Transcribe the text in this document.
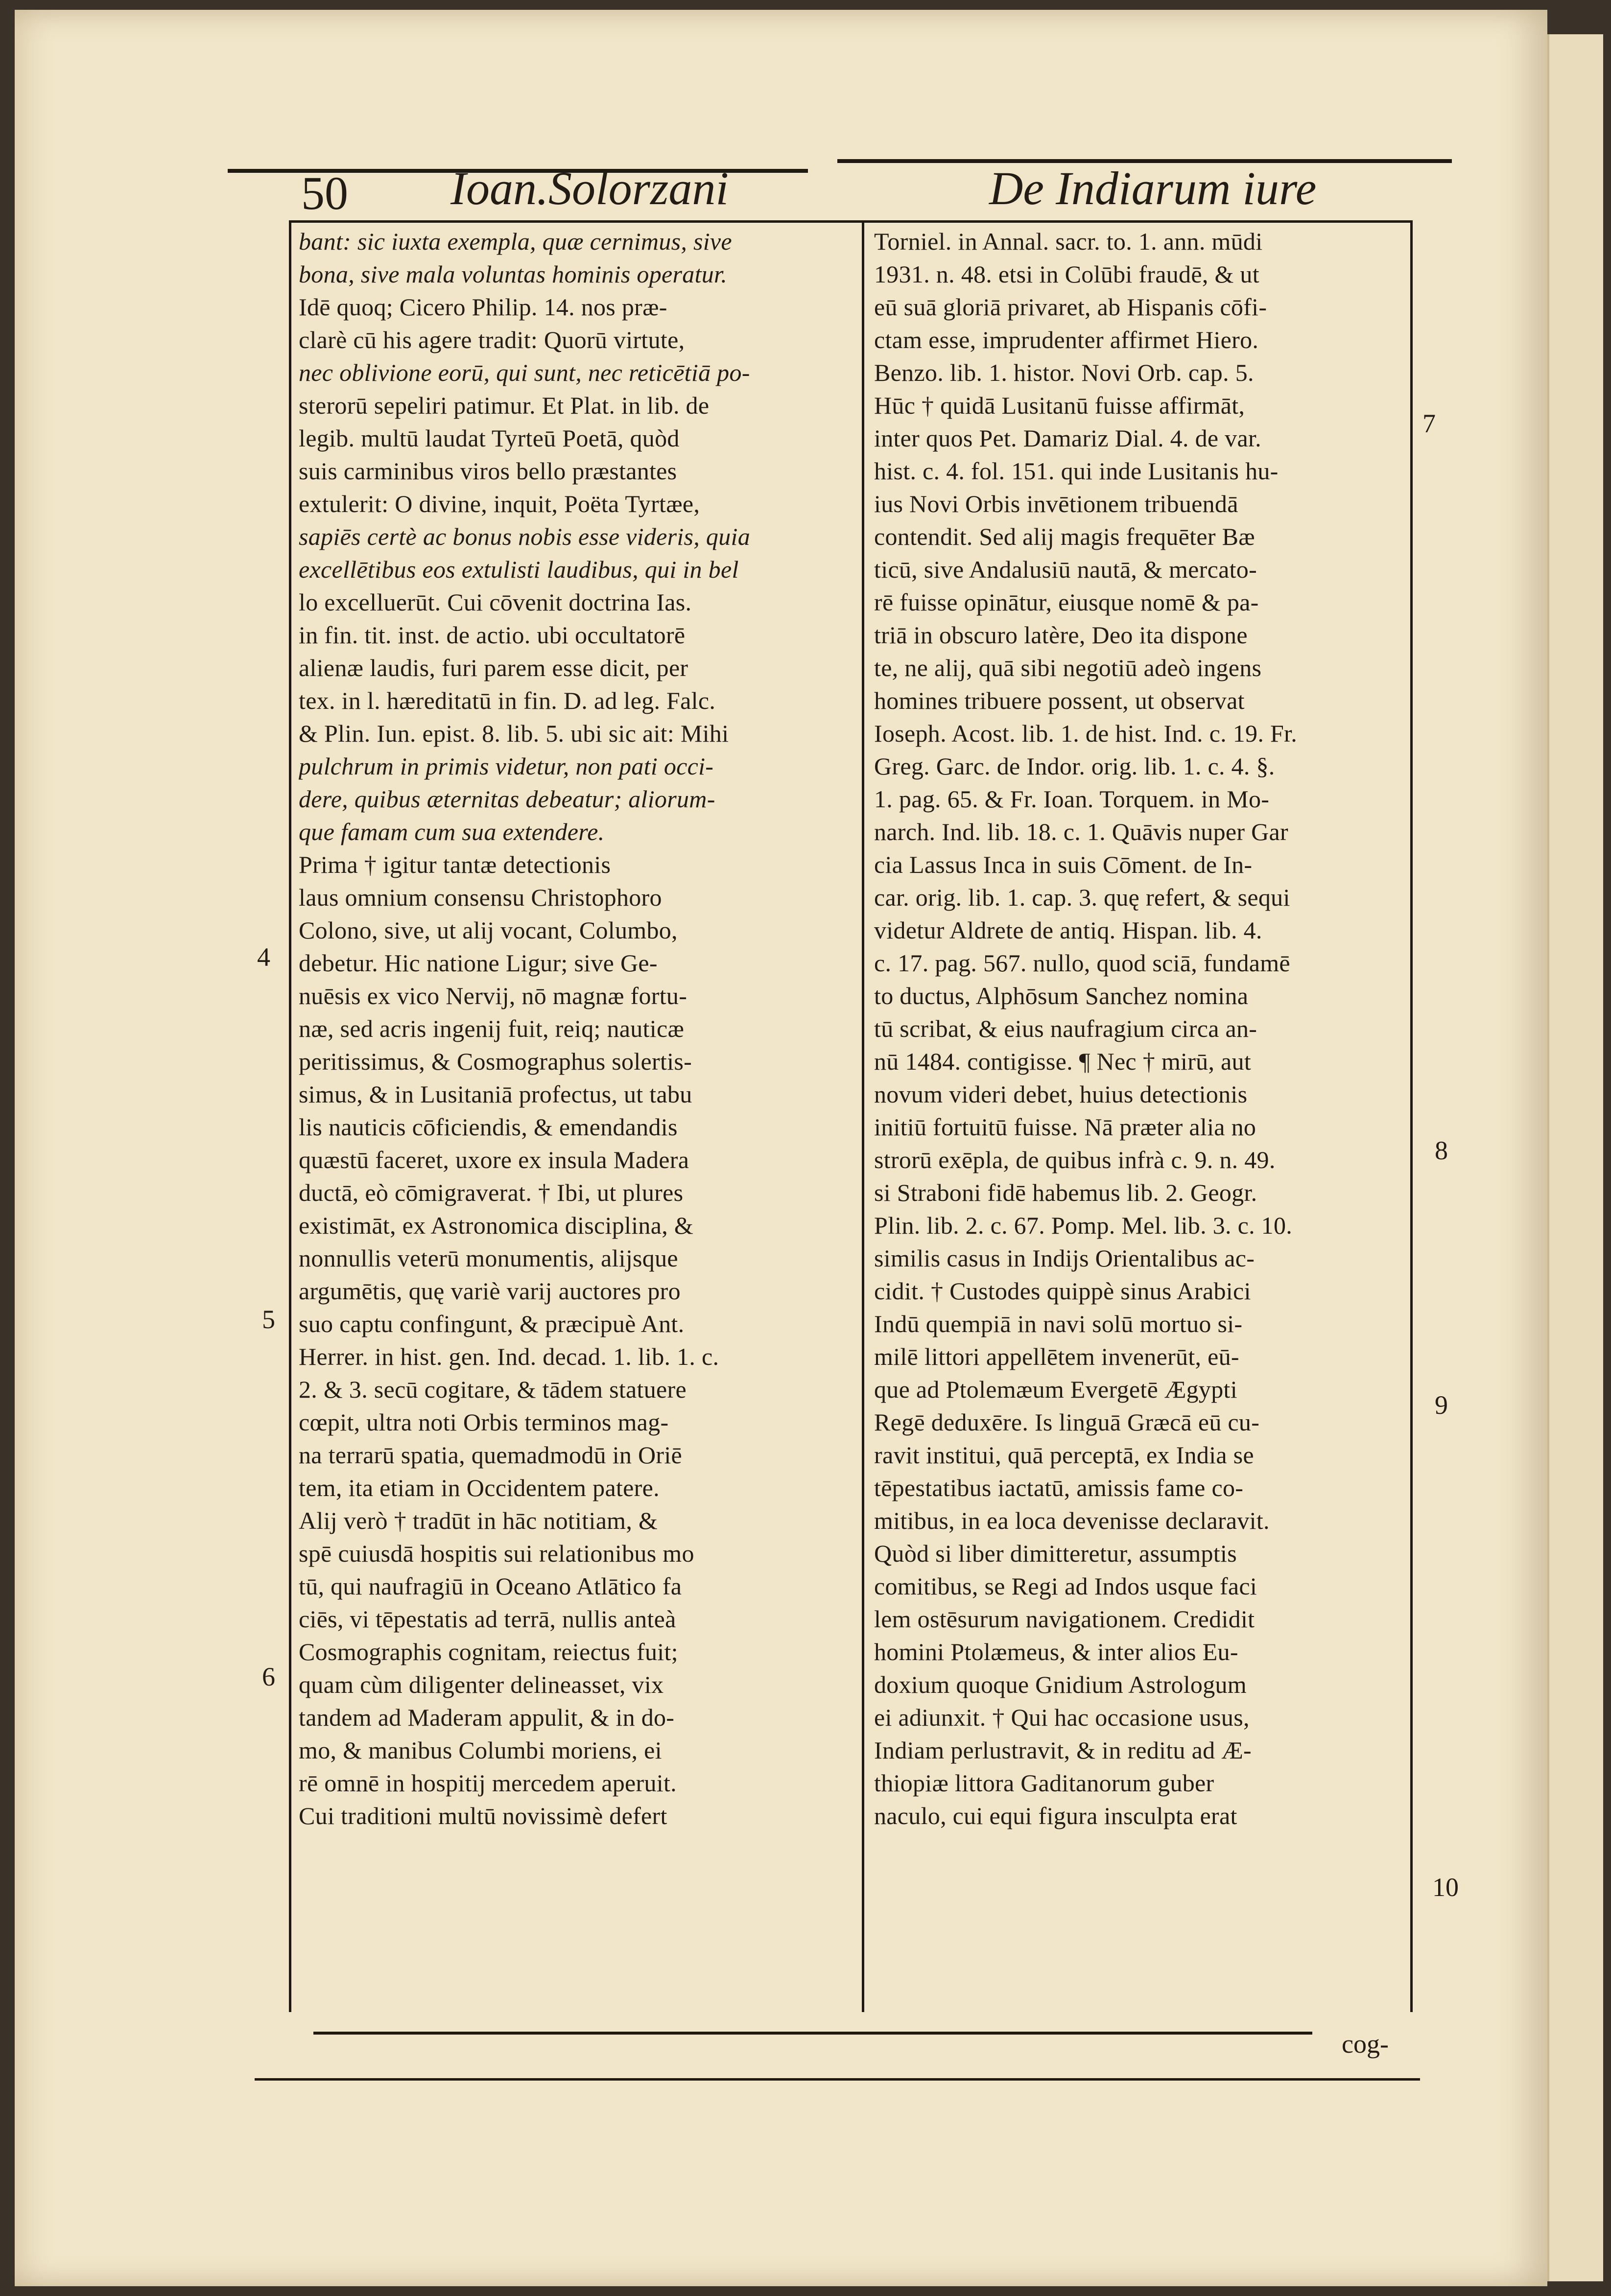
50 Ioan.Solorzani	De Indiarum iure
bant: sic iuxta exempla, quæ cernimus, sive
bona, sive mala voluntas hominis operatur.
Idē quoq; Cicero Philip. 14. nos præ-
clarè cū his agere tradit: Quorū virtute,
nec oblivione eorū, qui sunt, nec reticētiā po-
sterorū sepeliri patimur. Et Plat. in lib. de
legib. multū laudat Tyrteū Poetā, quòd
suis carminibus viros bello præstantes
extulerit: O divine, inquit, Poëta Tyrtæe,
sapiēs certè ac bonus nobis esse videris, quia
excellētibus eos extulisti laudibus, qui in bel
lo excelluerūt. Cui cōvenit doctrina Ias.
in fin. tit. inst. de actio. ubi occultatorē
alienæ laudis, furi parem esse dicit, per
tex. in l. hæreditatū in fin. D. ad leg. Falc.
& Plin. Iun. epist. 8. lib. 5. ubi sic ait: Mihi
pulchrum in primis videtur, non pati occi-
dere, quibus æternitas debeatur; aliorum-
que famam cum sua extendere.
Prima † igitur tantæ detectionis
laus omnium consensu Christophoro
Colono, sive, ut alij vocant, Columbo,
debetur. Hic natione Ligur; sive Ge-
nuēsis ex vico Nervij, nō magnæ fortu-
næ, sed acris ingenij fuit, reiq; nauticæ
peritissimus, & Cosmographus solertis-
simus, & in Lusitaniā profectus, ut tabu
lis nauticis cōficiendis, & emendandis
quæstū faceret, uxore ex insula Madera
ductā, eò cōmigraverat. † Ibi, ut plures
existimāt, ex Astronomica disciplina, &
nonnullis veterū monumentis, alijsque
argumētis, quę variè varij auctores pro
suo captu confingunt, & præcipuè Ant.
Herrer. in hist. gen. Ind. decad. 1. lib. 1. c.
2. & 3. secū cogitare, & tādem statuere
cœpit, ultra noti Orbis terminos mag-
na terrarū spatia, quemadmodū in Oriē
tem, ita etiam in Occidentem patere.
Alij verò † tradūt in hāc notitiam, &
spē cuiusdā hospitis sui relationibus mo
tū, qui naufragiū in Oceano Atlātico fa
ciēs, vi tēpestatis ad terrā, nullis anteà
Cosmographis cognitam, reiectus fuit;
quam cùm diligenter delineasset, vix
tandem ad Maderam appulit, & in do-
mo, & manibus Columbi moriens, ei
rē omnē in hospitij mercedem aperuit.
Cui traditioni multū novissimè defert
Torniel. in Annal. sacr. to. 1. ann. mūdi
1931. n. 48. etsi in Colūbi fraudē, & ut
eū suā gloriā privaret, ab Hispanis cōfi-
ctam esse, imprudenter affirmet Hiero.
Benzo. lib. 1. histor. Novi Orb. cap. 5.
Hūc † quidā Lusitanū fuisse affirmāt,
inter quos Pet. Damariz Dial. 4. de var.
hist. c. 4. fol. 151. qui inde Lusitanis hu-
ius Novi Orbis invētionem tribuendā
contendit. Sed alij magis frequēter Bæ
ticū, sive Andalusiū nautā, & mercato-
rē fuisse opinātur, eiusque nomē & pa-
triā in obscuro latère, Deo ita dispone
te, ne alij, quā sibi negotiū adeò ingens
homines tribuere possent, ut observat
Ioseph. Acost. lib. 1. de hist. Ind. c. 19. Fr.
Greg. Garc. de Indor. orig. lib. 1. c. 4. §.
1. pag. 65. & Fr. Ioan. Torquem. in Mo-
narch. Ind. lib. 18. c. 1. Quāvis nuper Gar
cia Lassus Inca in suis Cōment. de In-
car. orig. lib. 1. cap. 3. quę refert, & sequi
videtur Aldrete de antiq. Hispan. lib. 4.
c. 17. pag. 567. nullo, quod sciā, fundamē
to ductus, Alphōsum Sanchez nomina
tū scribat, & eius naufragium circa an-
nū 1484. contigisse. ¶ Nec † mirū, aut
novum videri debet, huius detectionis
initiū fortuitū fuisse. Nā præter alia no
strorū exēpla, de quibus infrà c. 9. n. 49.
si Straboni fidē habemus lib. 2. Geogr.
Plin. lib. 2. c. 67. Pomp. Mel. lib. 3. c. 10.
similis casus in Indijs Orientalibus ac-
cidit. † Custodes quippè sinus Arabici
Indū quempiā in navi solū mortuo si-
milē littori appellētem invenerūt, eū-
que ad Ptolemæum Evergetē Ægypti
Regē deduxēre. Is linguā Græcā eū cu-
ravit institui, quā perceptā, ex India se
tēpestatibus iactatū, amissis fame co-
mitibus, in ea loca devenisse declaravit.
Quòd si liber dimitteretur, assumptis
comitibus, se Regi ad Indos usque faci
lem ostēsurum navigationem. Credidit
homini Ptolæmeus, & inter alios Eu-
doxium quoque Gnidium Astrologum
ei adiunxit. † Qui hac occasione usus,
Indiam perlustravit, & in reditu ad Æ-
thiopiæ littora Gaditanorum guber
naculo, cui equi figura insculpta erat
4
5
6
7
8
9
10
cog-
